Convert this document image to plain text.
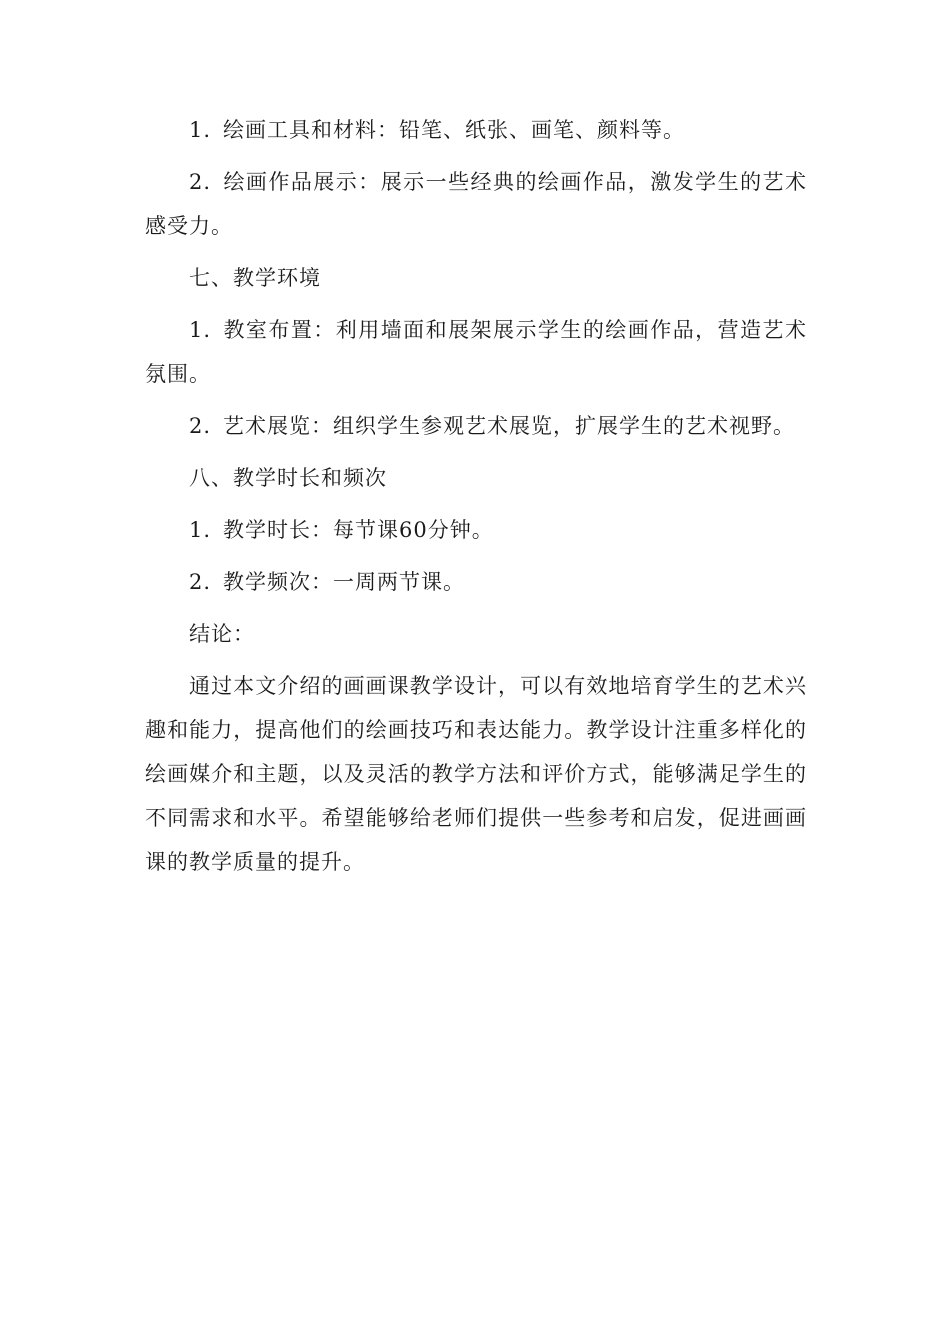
1. 绘画工具和材料：铅笔、纸张、画笔、颜料等。

2. 绘画作品展示：展示一些经典的绘画作品，激发学生的艺术感受力。

七、教学环境

1. 教室布置：利用墙面和展架展示学生的绘画作品，营造艺术氛围。

2. 艺术展览：组织学生参观艺术展览，扩展学生的艺术视野。

八、教学时长和频次

1. 教学时长：每节课60分钟。

2. 教学频次：一周两节课。

结论：

通过本文介绍的画画课教学设计，可以有效地培育学生的艺术兴趣和能力，提高他们的绘画技巧和表达能力。教学设计注重多样化的绘画媒介和主题，以及灵活的教学方法和评价方式，能够满足学生的不同需求和水平。希望能够给老师们提供一些参考和启发，促进画画课的教学质量的提升。
